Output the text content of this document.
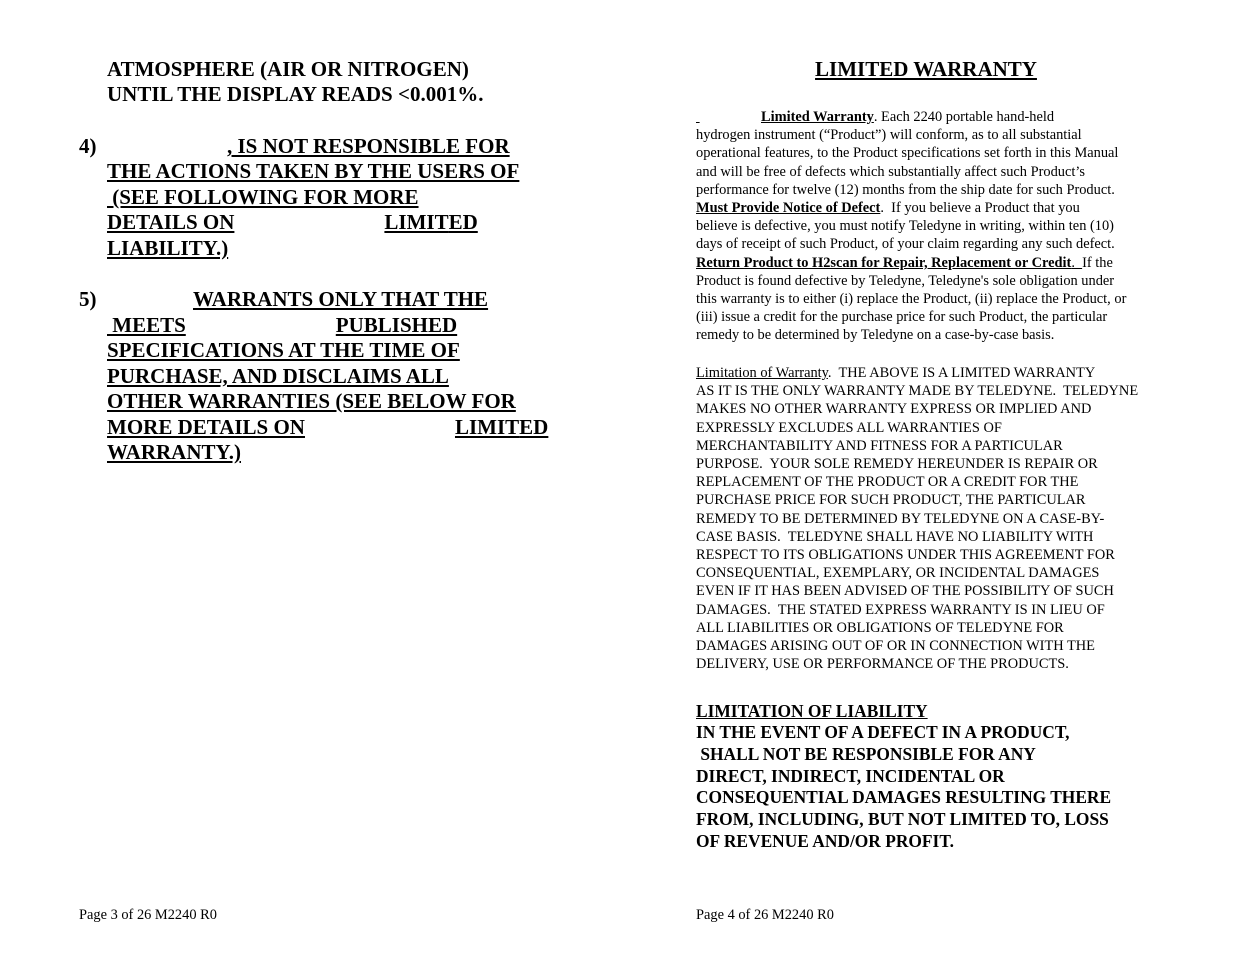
ATMOSPHERE (AIR OR NITROGEN)

UNTIL THE DISPLAY READS <0.001%.

4)	, IS NOT RESPONSIBLE FOR
THE ACTIONS TAKEN BY THE USERS OF
(SEE FOLLOWING FOR MORE
DETAILS ON	LIMITED
LIABILITY.)
5)	WARRANTS ONLY THAT THE
MEETS	PUBLISHED
SPECIFICATIONS AT THE TIME OF
PURCHASE, AND DISCLAIMS ALL
OTHER WARRANTIES (SEE BELOW FOR
MORE DETAILS ON	LIMITED
WARRANTY.)
Page 3 of 26 M2240 R0
LIMITED WARRANTY
Limited Warranty. Each 2240 portable hand-held
hydrogen instrument (“Product”) will conform, as to all substantial
operational features, to the Product specifications set forth in this Manual
and will be free of defects which substantially affect such Product’s
performance for twelve (12) months from the ship date for such Product.
Must Provide Notice of Defect.  If you believe a Product that you
believe is defective, you must notify Teledyne in writing, within ten (10)
days of receipt of such Product, of your claim regarding any such defect.
Return Product to H2scan for Repair, Replacement or Credit.  If the
Product is found defective by Teledyne, Teledyne's sole obligation under
this warranty is to either (i) replace the Product, (ii) replace the Product, or
(iii) issue a credit for the purchase price for such Product, the particular
remedy to be determined by Teledyne on a case-by-case basis.
Limitation of Warranty.  THE ABOVE IS A LIMITED WARRANTY
AS IT IS THE ONLY WARRANTY MADE BY TELEDYNE.  TELEDYNE
MAKES NO OTHER WARRANTY EXPRESS OR IMPLIED AND
EXPRESSLY EXCLUDES ALL WARRANTIES OF
MERCHANTABILITY AND FITNESS FOR A PARTICULAR
PURPOSE.  YOUR SOLE REMEDY HEREUNDER IS REPAIR OR
REPLACEMENT OF THE PRODUCT OR A CREDIT FOR THE
PURCHASE PRICE FOR SUCH PRODUCT, THE PARTICULAR
REMEDY TO BE DETERMINED BY TELEDYNE ON A CASE-BY-
CASE BASIS.  TELEDYNE SHALL HAVE NO LIABILITY WITH
RESPECT TO ITS OBLIGATIONS UNDER THIS AGREEMENT FOR
CONSEQUENTIAL, EXEMPLARY, OR INCIDENTAL DAMAGES
EVEN IF IT HAS BEEN ADVISED OF THE POSSIBILITY OF SUCH
DAMAGES.  THE STATED EXPRESS WARRANTY IS IN LIEU OF
ALL LIABILITIES OR OBLIGATIONS OF TELEDYNE FOR
DAMAGES ARISING OUT OF OR IN CONNECTION WITH THE
DELIVERY, USE OR PERFORMANCE OF THE PRODUCTS.

LIMITATION OF LIABILITY

IN THE EVENT OF A DEFECT IN A PRODUCT,
SHALL NOT BE RESPONSIBLE FOR ANY
DIRECT, INDIRECT, INCIDENTAL OR
CONSEQUENTIAL DAMAGES RESULTING THERE
FROM, INCLUDING, BUT NOT LIMITED TO, LOSS
OF REVENUE AND/OR PROFIT.
Page 4 of 26 M2240 R0
